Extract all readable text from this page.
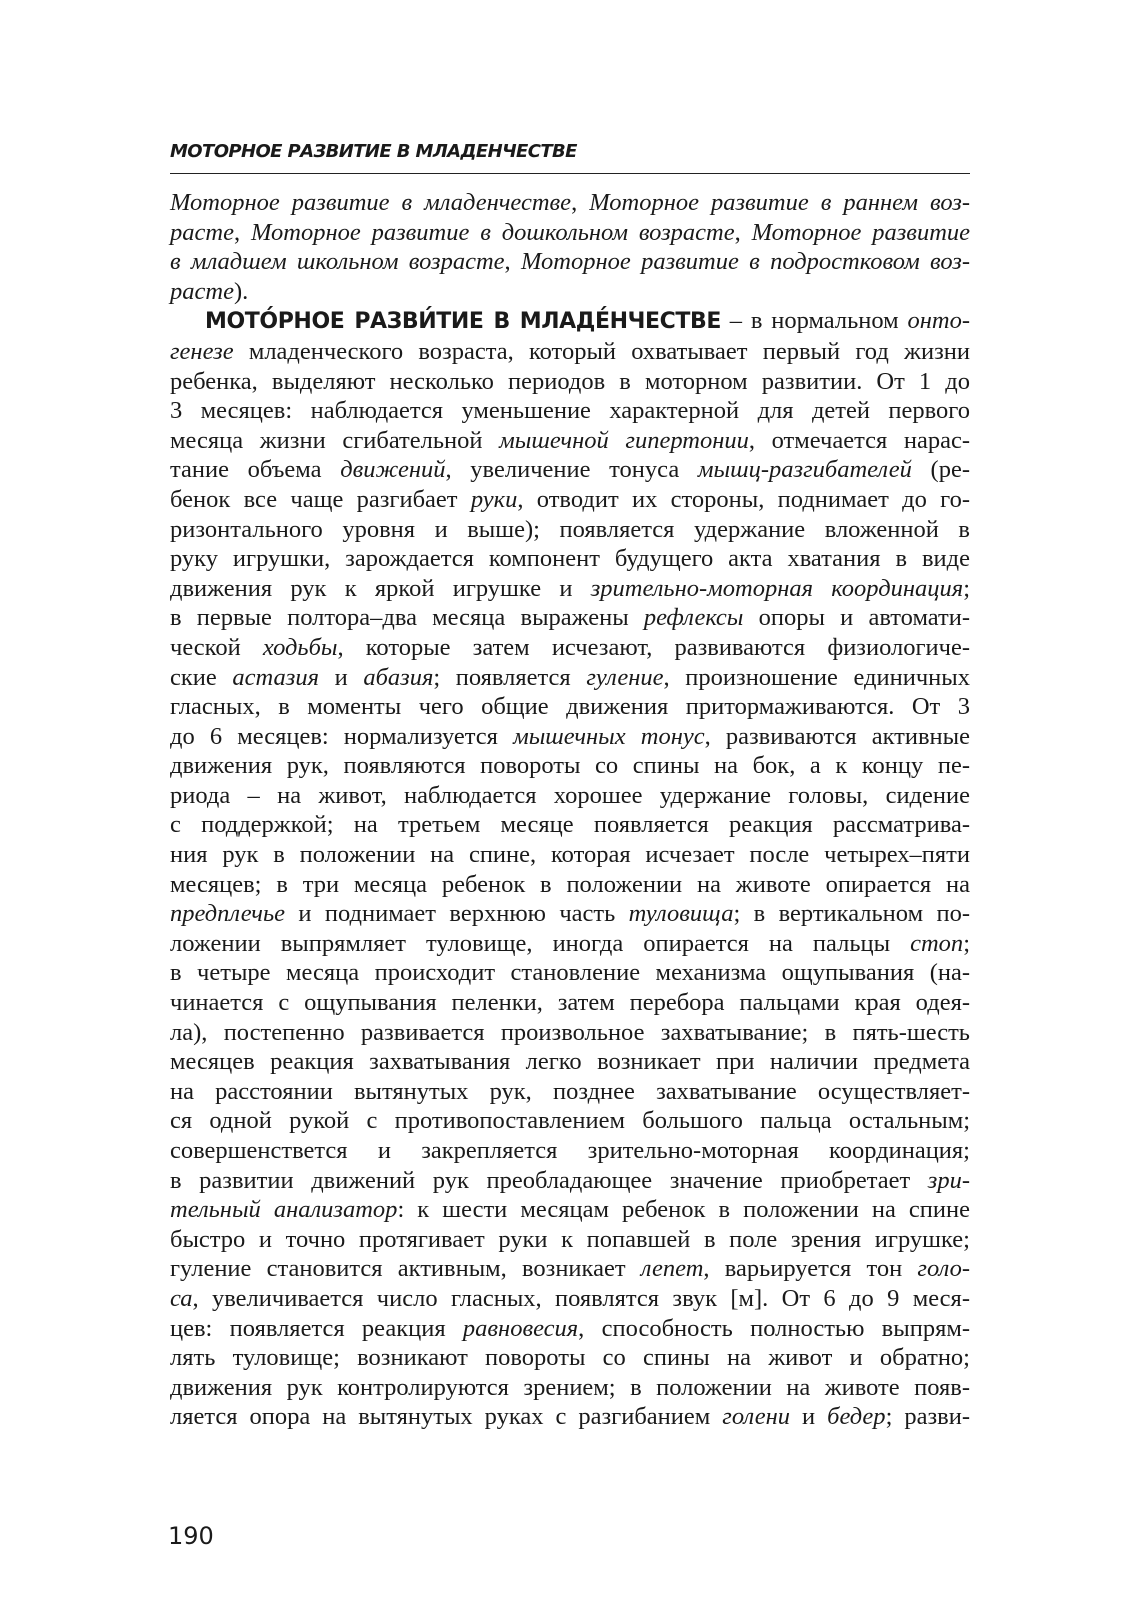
МОТОРНОЕ РАЗВИТИЕ В МЛАДЕНЧЕСТВЕ

Моторное развитие в младенчестве, Моторное развитие в раннем воз-

расте, Моторное развитие в дошкольном возрасте, Моторное развитие

в младшем школьном возрасте, Моторное развитие в подростковом воз-

расте).

МОТО́РНОЕ РАЗВИ́ТИЕ В МЛАДЕ́НЧЕСТВЕ – в нормальном онто-

генезе младенческого возраста, который охватывает первый год жизни

ребенка, выделяют несколько периодов в моторном развитии. От 1 до

3 месяцев: наблюдается уменьшение характерной для детей первого

месяца жизни сгибательной мышечной гипертонии, отмечается нарас-

тание объема движений, увеличение тонуса мышц-разгибателей (ре-

бенок все чаще разгибает руки, отводит их стороны, поднимает до го-

ризонтального уровня и выше); появляется удержание вложенной в

руку игрушки, зарождается компонент будущего акта хватания в виде

движения рук к яркой игрушке и зрительно-моторная координация;

в первые полтора–два месяца выражены рефлексы опоры и автомати-

ческой ходьбы, которые затем исчезают, развиваются физиологиче-

ские астазия и абазия; появляется гуление, произношение единичных

гласных, в моменты чего общие движения притормаживаются. От 3

до 6 месяцев: нормализуется мышечных тонус, развиваются активные

движения рук, появляются повороты со спины на бок, а к концу пе-

риода – на живот, наблюдается хорошее удержание головы, сидение

с поддержкой; на третьем месяце появляется реакция рассматрива-

ния рук в положении на спине, которая исчезает после четырех–пяти

месяцев; в три месяца ребенок в положении на животе опирается на

предплечье и поднимает верхнюю часть туловища; в вертикальном по-

ложении выпрямляет туловище, иногда опирается на пальцы стоп;

в четыре месяца происходит становление механизма ощупывания (на-

чинается с ощупывания пеленки, затем перебора пальцами края одея-

ла), постепенно развивается произвольное захватывание; в пять-шесть

месяцев реакция захватывания легко возникает при наличии предмета

на расстоянии вытянутых рук, позднее захватывание осуществляет-

ся одной рукой с противопоставлением большого пальца остальным;

совершенствется и закрепляется зрительно-моторная координация;

в развитии движений рук преобладающее значение приобретает зри-

тельный анализатор: к шести месяцам ребенок в положении на спине

быстро и точно протягивает руки к попавшей в поле зрения игрушке;

гуление становится активным, возникает лепет, варьируется тон голо-

са, увеличивается число гласных, появлятся звук [м]. От 6 до 9 меся-

цев: появляется реакция равновесия, способность полностью выпрям-

лять туловище; возникают повороты со спины на живот и обратно;

движения рук контролируются зрением; в положении на животе появ-

ляется опора на вытянутых руках с разгибанием голени и бедер; разви-

190
